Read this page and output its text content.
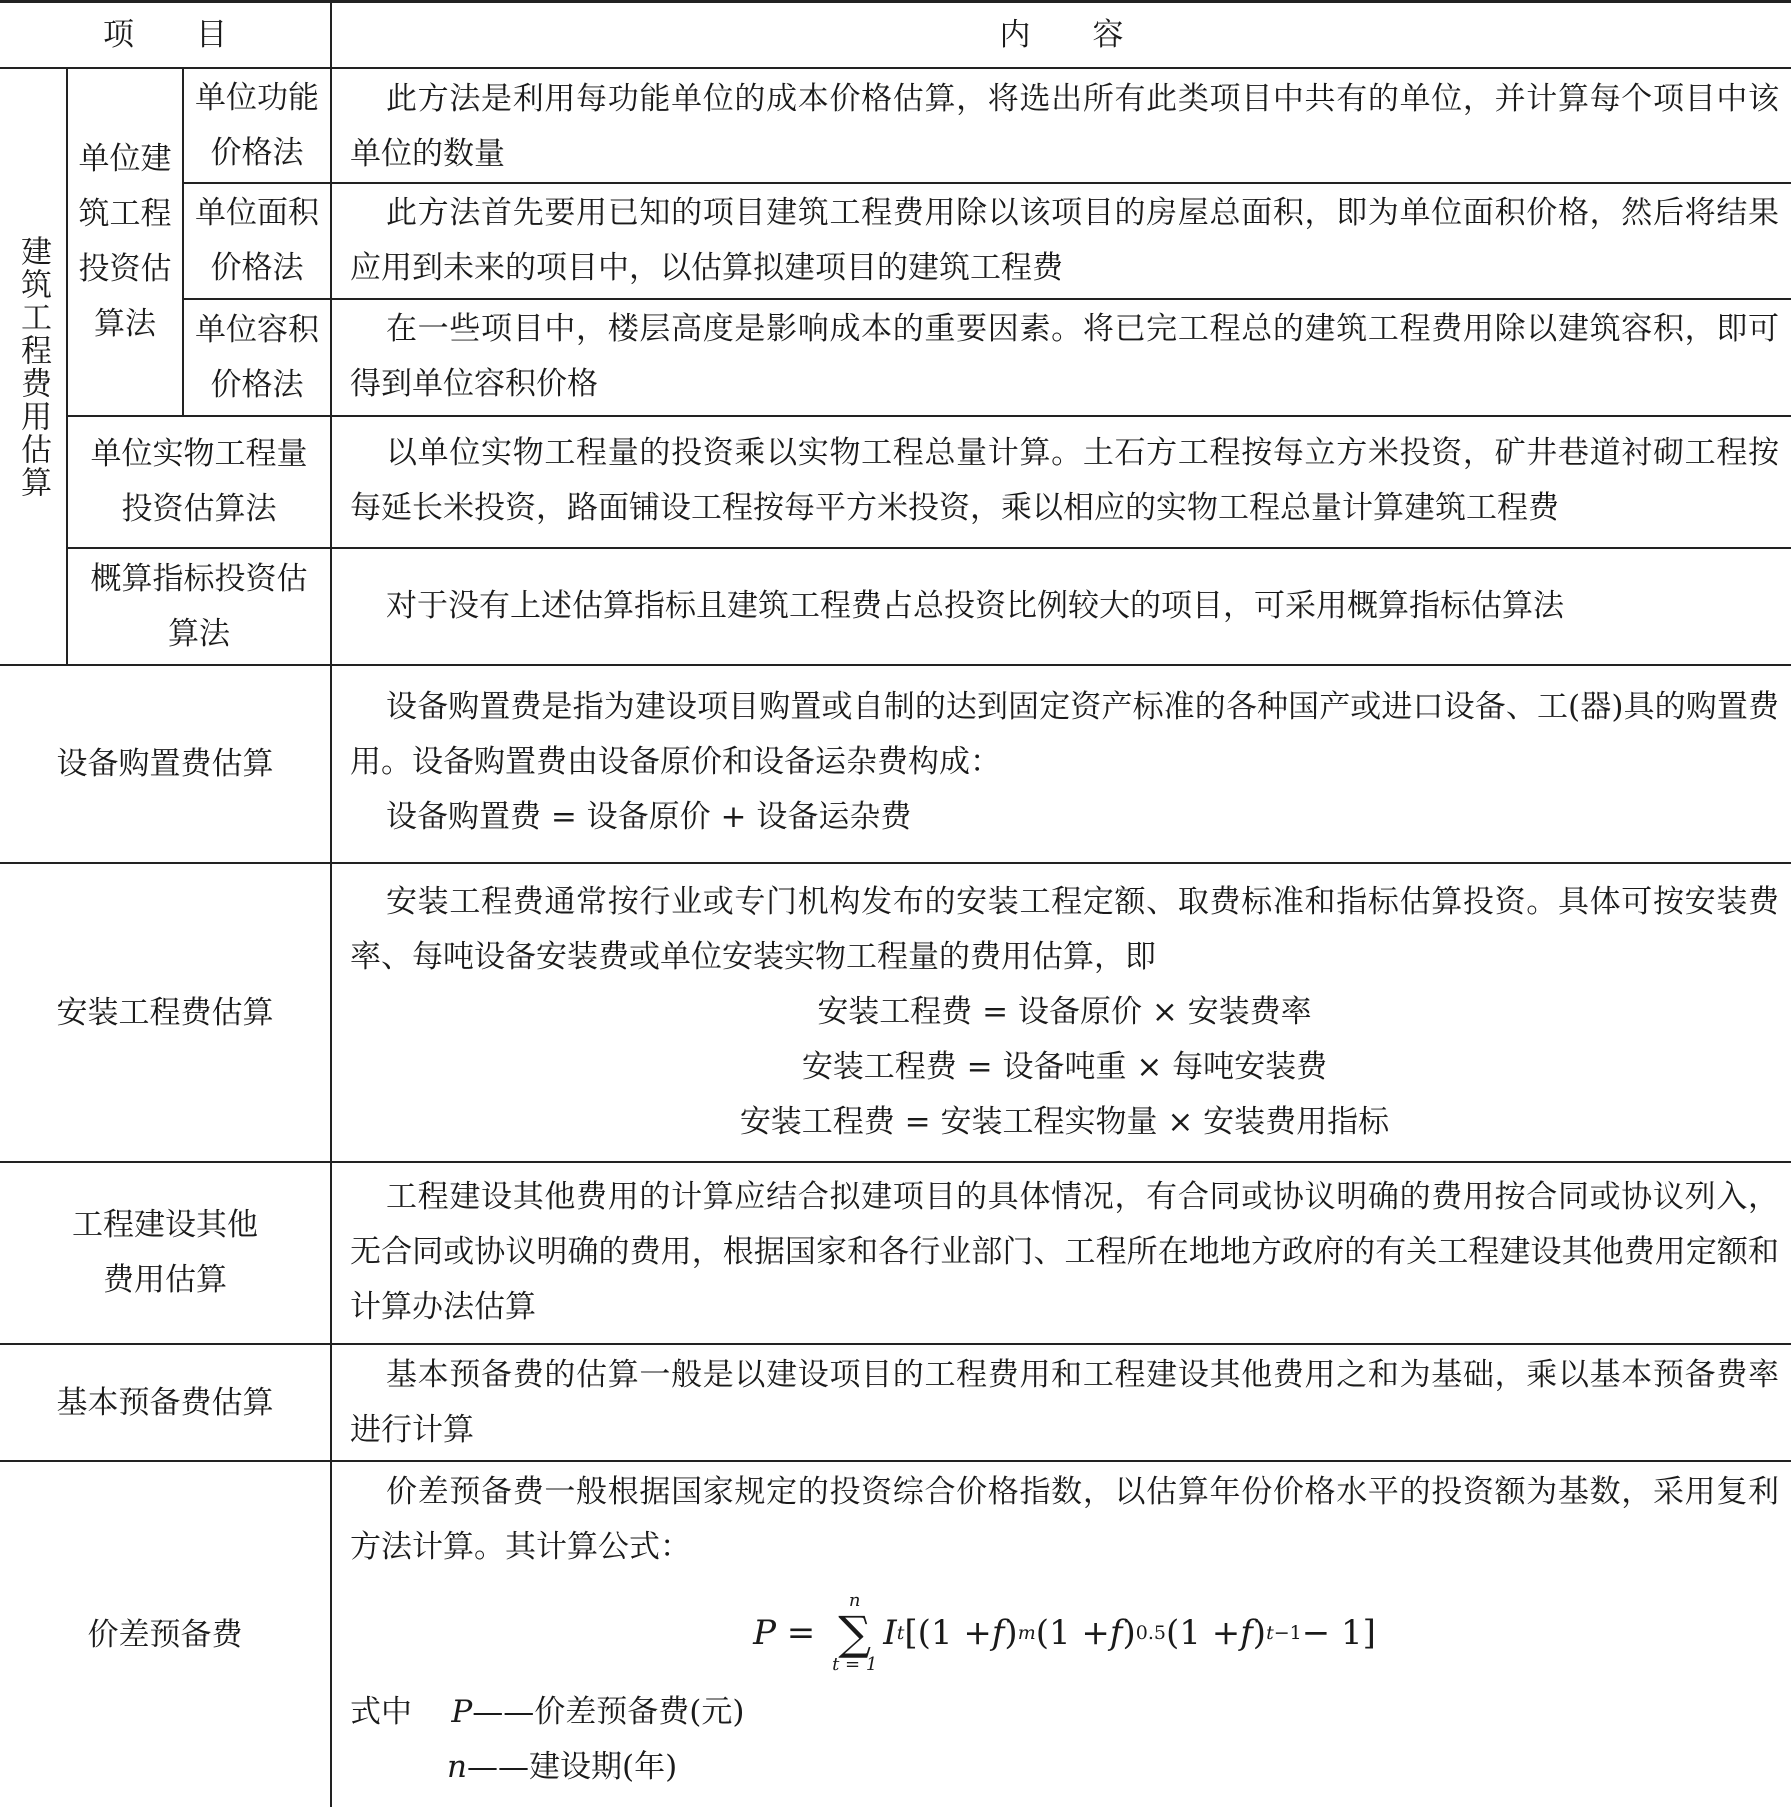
项　　目	内　　容
建筑工程费用估算
单位建筑工程投资估算法
单位功能价格法

此方法是利用每功能单位的成本价格估算，将选出所有此类项目中共有的单位，并计算每个项目中该单位的数量

单位面积价格法

此方法首先要用已知的项目建筑工程费用除以该项目的房屋总面积，即为单位面积价格，然后将结果应用到未来的项目中，以估算拟建项目的建筑工程费

单位容积价格法

在一些项目中，楼层高度是影响成本的重要因素。将已完工程总的建筑工程费用除以建筑容积，即可得到单位容积价格

单位实物工程量投资估算法

以单位实物工程量的投资乘以实物工程总量计算。土石方工程按每立方米投资，矿井巷道衬砌工程按每延长米投资，路面铺设工程按每平方米投资，乘以相应的实物工程总量计算建筑工程费

概算指标投资估算法

对于没有上述估算指标且建筑工程费占总投资比例较大的项目，可采用概算指标估算法

设备购置费估算

设备购置费是指为建设项目购置或自制的达到固定资产标准的各种国产或进口设备、工(器)具的购置费用。设备购置费由设备原价和设备运杂费构成：

设备购置费 = 设备原价 + 设备运杂费

安装工程费估算

安装工程费通常按行业或专门机构发布的安装工程定额、取费标准和指标估算投资。具体可按安装费率、每吨设备安装费或单位安装实物工程量的费用估算，即

安装工程费 = 设备原价 × 安装费率

安装工程费 = 设备吨重 × 每吨安装费

安装工程费 = 安装工程实物量 × 安装费用指标

工程建设其他费用估算

工程建设其他费用的计算应结合拟建项目的具体情况，有合同或协议明确的费用按合同或协议列入，无合同或协议明确的费用，根据国家和各行业部门、工程所在地地方政府的有关工程建设其他费用定额和计算办法估算

基本预备费估算

基本预备费的估算一般是以建设项目的工程费用和工程建设其他费用之和为基础，乘以基本预备费率进行计算

价差预备费

价差预备费一般根据国家规定的投资综合价格指数，以估算年份价格水平的投资额为基数，采用复利方法计算。其计算公式：

P =
n
∑
t = 1
I t [(1 + f ) m (1 + f ) 0.5 (1 + f ) t−1 − 1]

式中 P——价差预备费(元)

n——建设期(年)
